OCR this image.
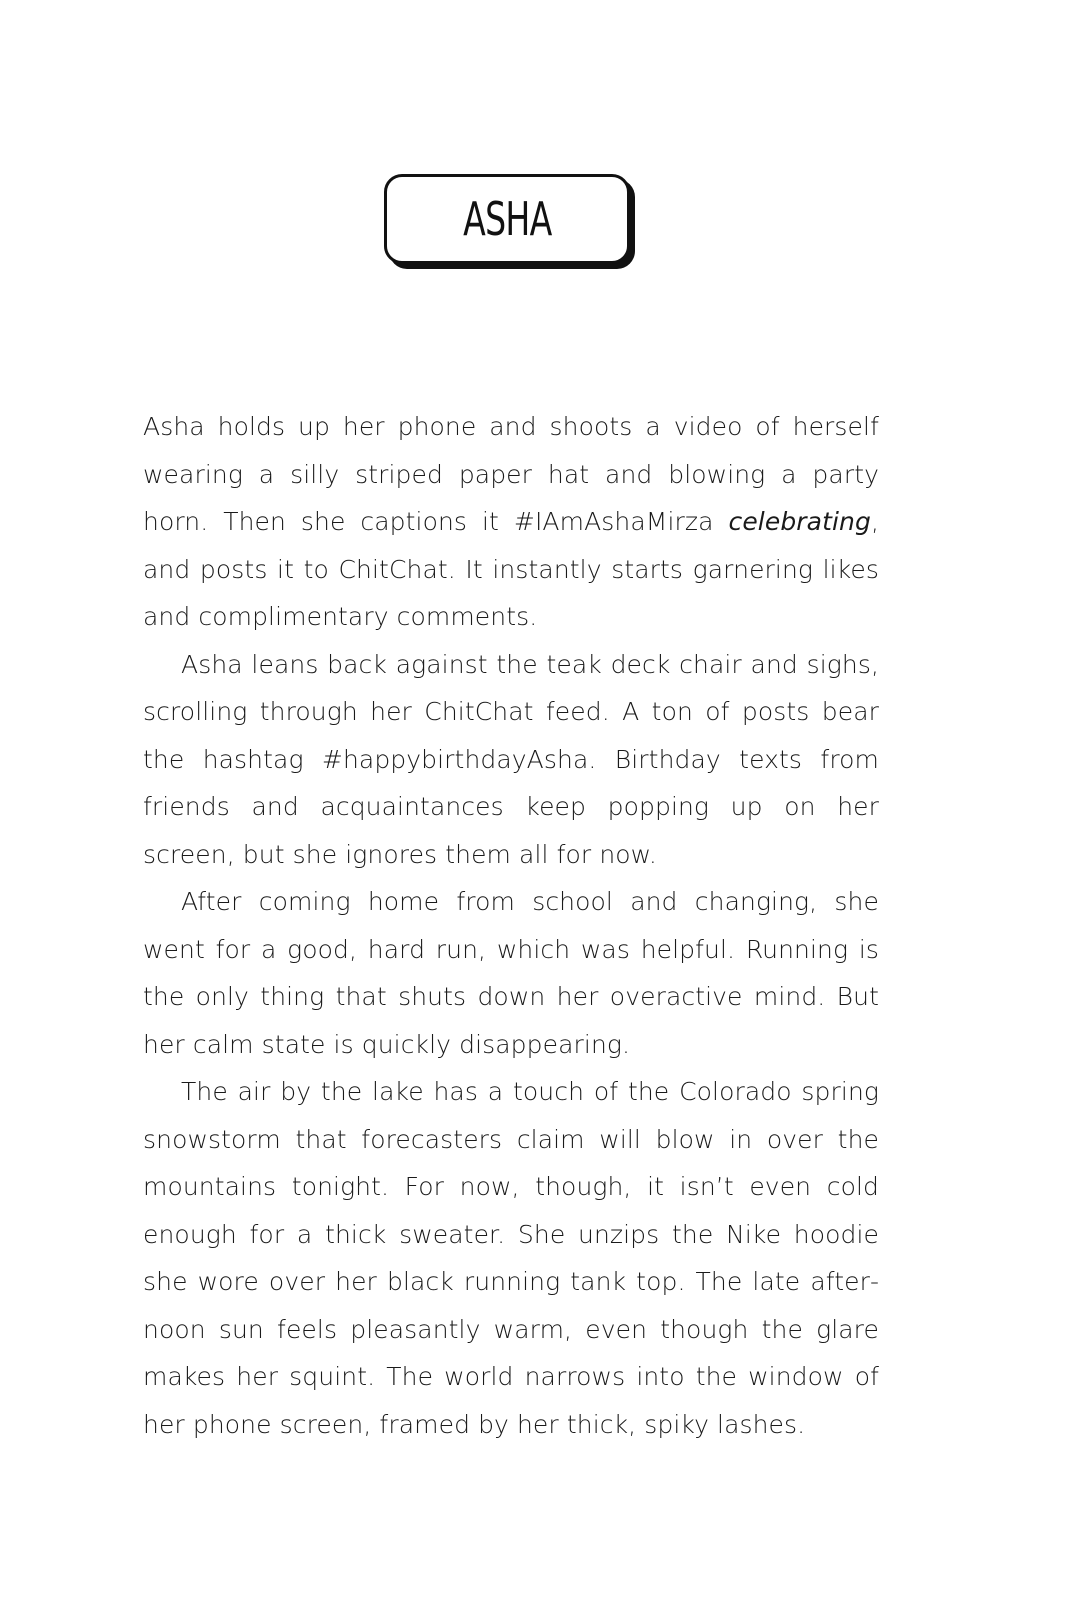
ASHA

Asha holds up her phone and shoots a video of herself wearing a silly striped paper hat and blowing a party horn. Then she captions it #IAmAshaMirza celebrating, and posts it to ChitChat. It instantly starts garnering likes and complimentary comments.

Asha leans back against the teak deck chair and sighs, scrolling through her ChitChat feed. A ton of posts bear the hashtag #happybirthdayAsha. Birthday texts from friends and acquaintances keep popping up on her screen, but she ignores them all for now.

After coming home from school and changing, she went for a good, hard run, which was helpful. Running is the only thing that shuts down her overactive mind. But her calm state is quickly disappearing.

The air by the lake has a touch of the Colorado spring snowstorm that forecasters claim will blow in over the mountains tonight. For now, though, it isn’t even cold enough for a thick sweater. She unzips the Nike hoodie she wore over her black running tank top. The late afternoon sun feels pleasantly warm, even though the glare makes her squint. The world narrows into the window of her phone screen, framed by her thick, spiky lashes.
